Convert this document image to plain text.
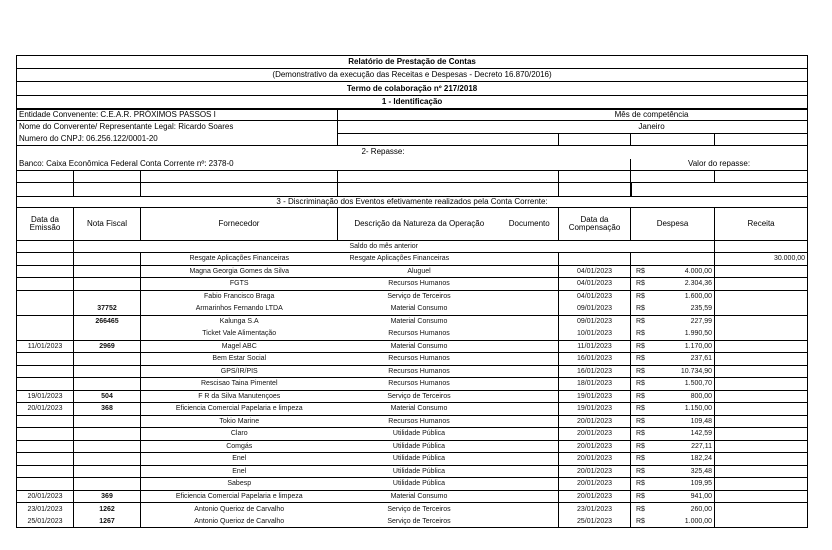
Relatório de Prestação de Contas							
(Demonstrativo da execução das Receitas e Despesas - Decreto 16.870/2016)							
Termo de colaboração nº 217/2018							
1 - Identificação							
Entidade Convenente: C.E.A.R. PRÓXIMOS PASSOS I			Mês de competência				
Nome do Converente/ Representante Legal: Ricardo Soares			Janeiro				
Numero do CNPJ: 06.256.122/0001-20							
2- Repasse:							
Banco: Caixa Econômica Federal Conta Corrente nº: 2378-0						Valor do repasse:	

3 - Discriminação dos Eventos efetivamente realizados pela Conta Corrente:							
Data da Emissão	Nota Fiscal	Fornecedor	Descrição da Natureza da Operação	Documento	Data da Compensação	Despesa	Receita
			Saldo do mês anterior				
		Resgate Aplicações Financeiras	Resgate Aplicações Financeiras				30.000,00
		Magna Georgia Gomes da Silva	Aluguel		04/01/2023	R$ 4.000,00	

		FGTS	Recursos Humanos		04/01/2023	R$ 2.304,36	

		Fabio Francisco Braga	Serviço de Terceiros		04/01/2023	R$ 1.600,00	

	37752	Armarinhos Fernando LTDA	Material Consumo		09/01/2023	R$ 235,59	

	266465	Kalunga S.A	Material Consumo		09/01/2023	R$ 227,99	

		Ticket Vale Alimentação	Recursos Humanos		10/01/2023	R$ 1.990,50	

11/01/2023	2969	Magel ABC	Material Consumo		11/01/2023	R$ 1.170,00	

		Bem Estar Social	Recursos Humanos		16/01/2023	R$ 237,61	

		GPS/IR/PIS	Recursos Humanos		16/01/2023	R$ 10.734,90	

		Rescisao Taina Pimentel	Recursos Humanos		18/01/2023	R$ 1.500,70	

19/01/2023	504	F R da Silva Manutençoes	Serviço de Terceiros		19/01/2023	R$ 800,00	

20/01/2023	368	Eficiencia Comercial Papelaria e limpeza	Material Consumo		19/01/2023	R$ 1.150,00	

		Tokio Marine	Recursos Humanos		20/01/2023	R$ 109,48	

		Claro	Utilidade Pública		20/01/2023	R$ 142,59	

		Comgás	Utilidade Pública		20/01/2023	R$ 227,11	

		Enel	Utilidade Pública		20/01/2023	R$ 182,24	

		Enel	Utilidade Pública		20/01/2023	R$ 325,48	

		Sabesp	Utilidade Pública		20/01/2023	R$ 109,95	

20/01/2023	369	Eficiencia Comercial Papelaria e limpeza	Material Consumo		20/01/2023	R$ 941,00	

23/01/2023	1262	Antonio Querioz de Carvalho	Serviço de Terceiros		23/01/2023	R$ 260,00	

25/01/2023	1267	Antonio Querioz de Carvalho	Serviço de Terceiros		25/01/2023	R$ 1.000,00	
